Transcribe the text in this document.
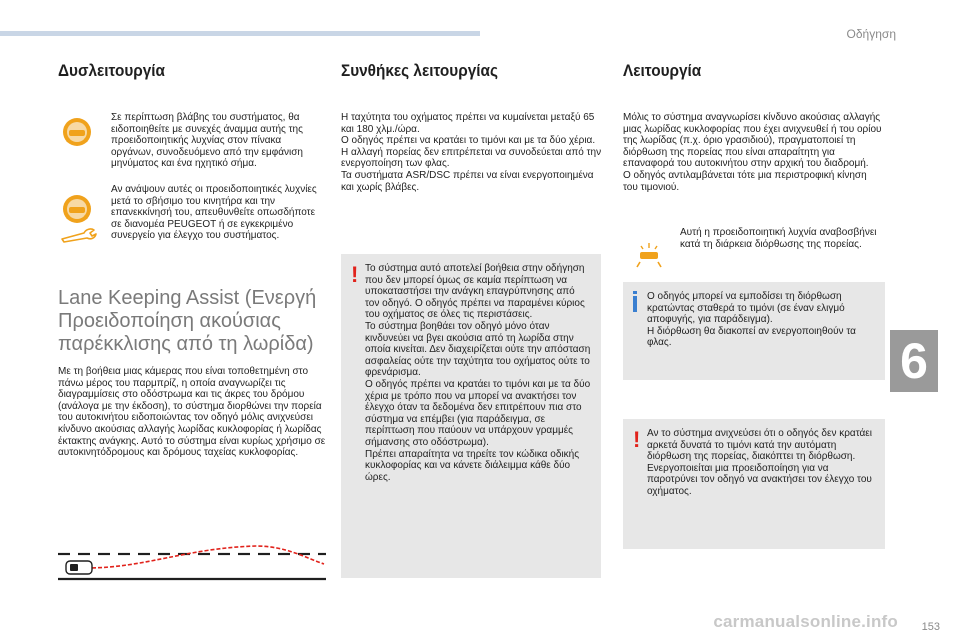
Οδήγηση
6
Δυσλειτουργία
Σε περίπτωση βλάβης του συστήματος, θα ειδοποιηθείτε με συνεχές άναμμα αυτής της προειδοποιητικής λυχνίας στον πίνακα οργάνων, συνοδευόμενο από την εμφάνιση μηνύματος και ένα ηχητικό σήμα.
Αν ανάψουν αυτές οι προειδοποιητικές λυχνίες μετά το σβήσιμο του κινητήρα και την επανεκκίνησή του, απευθυνθείτε οπωσδήποτε σε διανομέα PEUGEOT ή σε εγκεκριμένο συνεργείο για έλεγχο του συστήματος.
Lane Keeping Assist (Ενεργή Προειδοποίηση ακούσιας παρέκκλισης από τη λωρίδα)
Με τη βοήθεια μιας κάμερας που είναι τοποθετημένη στο πάνω μέρος του παρμπρίζ, η οποία αναγνωρίζει τις διαγραμμίσεις στο οδόστρωμα και τις άκρες του δρόμου (ανάλογα με την έκδοση), το σύστημα διορθώνει την πορεία του αυτοκινήτου ειδοποιώντας τον οδηγό μόλις ανιχνεύσει κίνδυνο ακούσιας αλλαγής λωρίδας κυκλοφορίας ή λωρίδας έκτακτης ανάγκης. Αυτό το σύστημα είναι κυρίως χρήσιμο σε αυτοκινητόδρομους και δρόμους ταχείας κυκλοφορίας.
Συνθήκες λειτουργίας

Η ταχύτητα του οχήματος πρέπει να κυμαίνεται μεταξύ 65 και 180 χλμ./ώρα.

Ο οδηγός πρέπει να κρατάει το τιμόνι και με τα δύο χέρια.

Η αλλαγή πορείας δεν επιτρέπεται να συνοδεύεται από την ενεργοποίηση των φλας.

Τα συστήματα ASR/DSC πρέπει να είναι ενεργοποιημένα και χωρίς βλάβες.

! Το σύστημα αυτό αποτελεί βοήθεια στην οδήγηση που δεν μπορεί όμως σε καμία περίπτωση να υποκαταστήσει την ανάγκη επαγρύπνησης από τον οδηγό. Ο οδηγός πρέπει να παραμένει κύριος του οχήματος σε όλες τις περιστάσεις.

Το σύστημα βοηθάει τον οδηγό μόνο όταν κινδυνεύει να βγει ακούσια από τη λωρίδα στην οποία κινείται. Δεν διαχειρίζεται ούτε την απόσταση ασφαλείας ούτε την ταχύτητα του οχήματος ούτε το φρενάρισμα.

Ο οδηγός πρέπει να κρατάει το τιμόνι και με τα δύο χέρια με τρόπο που να μπορεί να ανακτήσει τον έλεγχο όταν τα δεδομένα δεν επιτρέπουν πια στο σύστημα να επέμβει (για παράδειγμα, σε περίπτωση που παύουν να υπάρχουν γραμμές σήμανσης στο οδόστρωμα).

Πρέπει απαραίτητα να τηρείτε τον κώδικα οδικής κυκλοφορίας και να κάνετε διάλειμμα κάθε δύο ώρες.

Λειτουργία

Μόλις το σύστημα αναγνωρίσει κίνδυνο ακούσιας αλλαγής μιας λωρίδας κυκλοφορίας που έχει ανιχνευθεί ή του ορίου της λωρίδας (π.χ. όριο γρασιδιού), πραγματοποιεί τη διόρθωση της πορείας που είναι απαραίτητη για επαναφορά του αυτοκινήτου στην αρχική του διαδρομή.

Ο οδηγός αντιλαμβάνεται τότε μια περιστροφική κίνηση του τιμονιού.

Αυτή η προειδοποιητική λυχνία αναβοσβήνει κατά τη διάρκεια διόρθωσης της πορείας.

Ο οδηγός μπορεί να εμποδίσει τη διόρθωση κρατώντας σταθερά το τιμόνι (σε έναν ελιγμό αποφυγής, για παράδειγμα).

Η διόρθωση θα διακοπεί αν ενεργοποιηθούν τα φλας.

! Αν το σύστημα ανιχνεύσει ότι ο οδηγός δεν κρατάει αρκετά δυνατά το τιμόνι κατά την αυτόματη διόρθωση της πορείας, διακόπτει τη διόρθωση. Ενεργοποιείται μια προειδοποίηση για να παροτρύνει τον οδηγό να ανακτήσει τον έλεγχο του οχήματος.
carmanualsonline.info 153
